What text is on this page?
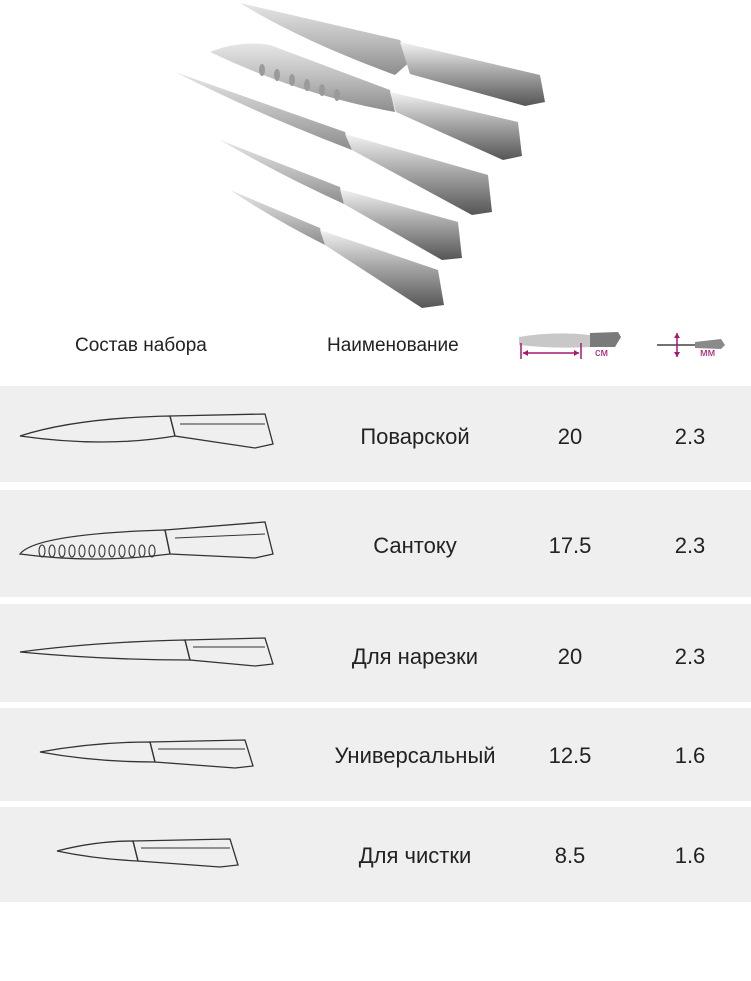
Состав набора	Наименование	см	мм
Поварской	20	2.3
Сантоку	17.5	2.3
Для нарезки	20	2.3
Универсальный	12.5	1.6
Для чистки	8.5	1.6
